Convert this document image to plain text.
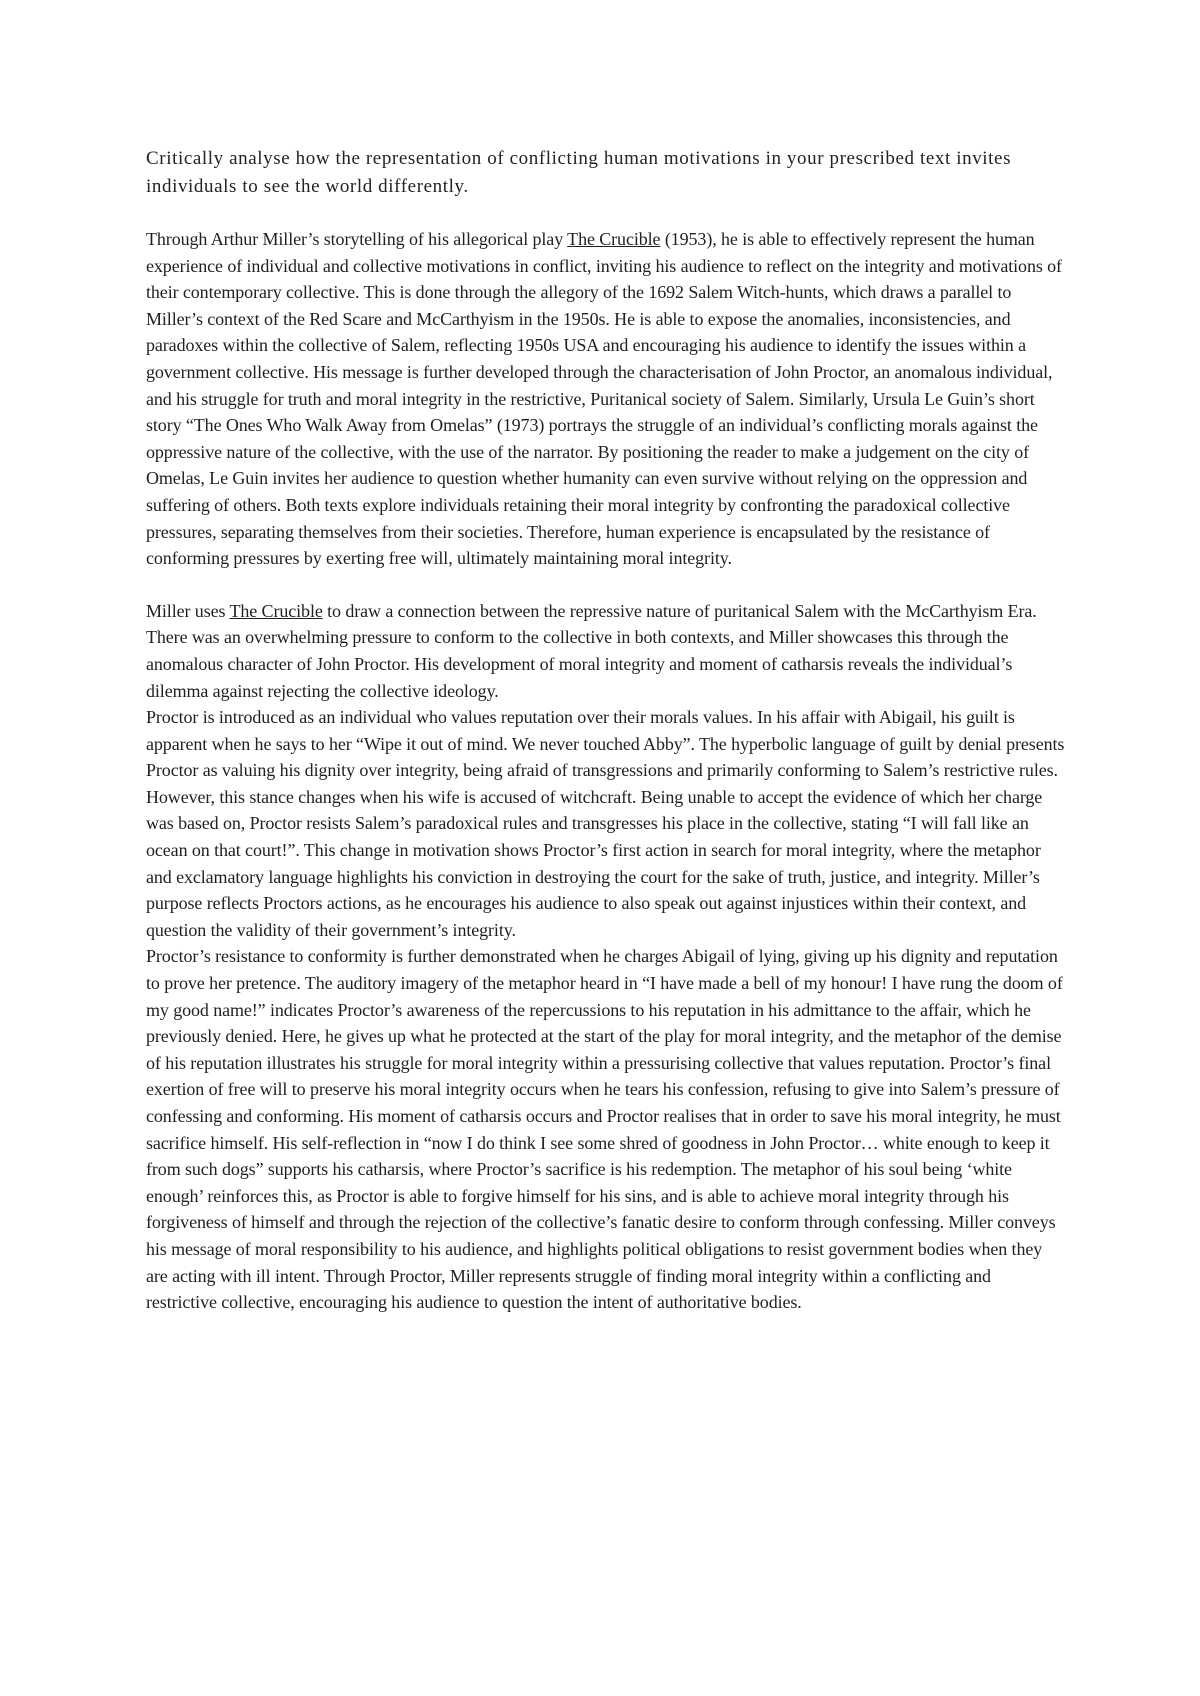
Critically analyse how the representation of conflicting human motivations in your prescribed text invites individuals to see the world differently.

Through Arthur Miller’s storytelling of his allegorical play The Crucible (1953), he is able to effectively represent the human experience of individual and collective motivations in conflict, inviting his audience to reflect on the integrity and motivations of their contemporary collective. This is done through the allegory of the 1692 Salem Witch-hunts, which draws a parallel to Miller’s context of the Red Scare and McCarthyism in the 1950s. He is able to expose the anomalies, inconsistencies, and paradoxes within the collective of Salem, reflecting 1950s USA and encouraging his audience to identify the issues within a government collective. His message is further developed through the characterisation of John Proctor, an anomalous individual, and his struggle for truth and moral integrity in the restrictive, Puritanical society of Salem. Similarly, Ursula Le Guin’s short story “The Ones Who Walk Away from Omelas” (1973) portrays the struggle of an individual’s conflicting morals against the oppressive nature of the collective, with the use of the narrator. By positioning the reader to make a judgement on the city of Omelas, Le Guin invites her audience to question whether humanity can even survive without relying on the oppression and suffering of others. Both texts explore individuals retaining their moral integrity by confronting the paradoxical collective pressures, separating themselves from their societies. Therefore, human experience is encapsulated by the resistance of conforming pressures by exerting free will, ultimately maintaining moral integrity.

Miller uses The Crucible to draw a connection between the repressive nature of puritanical Salem with the McCarthyism Era. There was an overwhelming pressure to conform to the collective in both contexts, and Miller showcases this through the anomalous character of John Proctor. His development of moral integrity and moment of catharsis reveals the individual’s dilemma against rejecting the collective ideology.

Proctor is introduced as an individual who values reputation over their morals values. In his affair with Abigail, his guilt is apparent when he says to her “Wipe it out of mind. We never touched Abby”. The hyperbolic language of guilt by denial presents Proctor as valuing his dignity over integrity, being afraid of transgressions and primarily conforming to Salem’s restrictive rules. However, this stance changes when his wife is accused of witchcraft. Being unable to accept the evidence of which her charge was based on, Proctor resists Salem’s paradoxical rules and transgresses his place in the collective, stating “I will fall like an ocean on that court!”. This change in motivation shows Proctor’s first action in search for moral integrity, where the metaphor and exclamatory language highlights his conviction in destroying the court for the sake of truth, justice, and integrity. Miller’s purpose reflects Proctors actions, as he encourages his audience to also speak out against injustices within their context, and question the validity of their government’s integrity.

Proctor’s resistance to conformity is further demonstrated when he charges Abigail of lying, giving up his dignity and reputation to prove her pretence. The auditory imagery of the metaphor heard in “I have made a bell of my honour! I have rung the doom of my good name!” indicates Proctor’s awareness of the repercussions to his reputation in his admittance to the affair, which he previously denied. Here, he gives up what he protected at the start of the play for moral integrity, and the metaphor of the demise of his reputation illustrates his struggle for moral integrity within a pressurising collective that values reputation. Proctor’s final exertion of free will to preserve his moral integrity occurs when he tears his confession, refusing to give into Salem’s pressure of confessing and conforming. His moment of catharsis occurs and Proctor realises that in order to save his moral integrity, he must sacrifice himself. His self-reflection in “now I do think I see some shred of goodness in John Proctor… white enough to keep it from such dogs” supports his catharsis, where Proctor’s sacrifice is his redemption. The metaphor of his soul being ‘white enough’ reinforces this, as Proctor is able to forgive himself for his sins, and is able to achieve moral integrity through his forgiveness of himself and through the rejection of the collective’s fanatic desire to conform through confessing. Miller conveys his message of moral responsibility to his audience, and highlights political obligations to resist government bodies when they are acting with ill intent. Through Proctor, Miller represents struggle of finding moral integrity within a conflicting and restrictive collective, encouraging his audience to question the intent of authoritative bodies.
